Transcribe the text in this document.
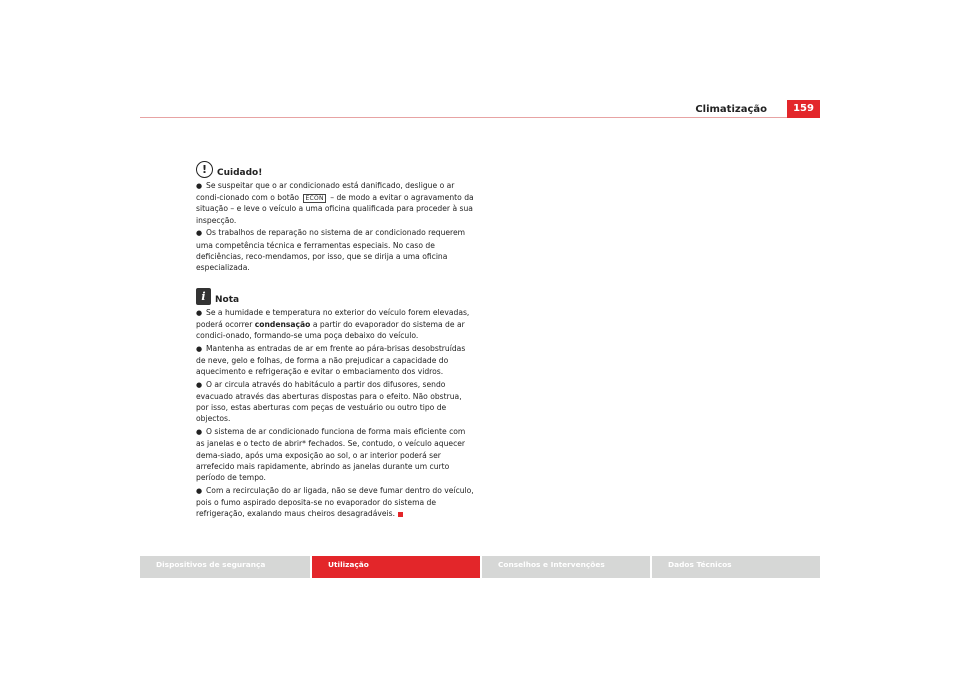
Climatização	159
!	Cuidado!

● Se suspeitar que o ar condicionado está danificado, desligue o ar condi-cionado com o botão ECON – de modo a evitar o agravamento da situação – e leve o veículo a uma oficina qualificada para proceder à sua inspecção.

● Os trabalhos de reparação no sistema de ar condicionado requerem uma competência técnica e ferramentas especiais. No caso de deficiências, reco-mendamos, por isso, que se dirija a uma oficina especializada.

i	Nota

● Se a humidade e temperatura no exterior do veículo forem elevadas, poderá ocorrer condensação a partir do evaporador do sistema de ar condici-onado, formando-se uma poça debaixo do veículo.

● Mantenha as entradas de ar em frente ao pára-brisas desobstruídas de neve, gelo e folhas, de forma a não prejudicar a capacidade do aquecimento e refrigeração e evitar o embaciamento dos vidros.

● O ar circula através do habitáculo a partir dos difusores, sendo evacuado através das aberturas dispostas para o efeito. Não obstrua, por isso, estas aberturas com peças de vestuário ou outro tipo de objectos.

● O sistema de ar condicionado funciona de forma mais eficiente com as janelas e o tecto de abrir* fechados. Se, contudo, o veículo aquecer dema-siado, após uma exposição ao sol, o ar interior poderá ser arrefecido mais rapidamente, abrindo as janelas durante um curto período de tempo.

● Com a recirculação do ar ligada, não se deve fumar dentro do veículo, pois o fumo aspirado deposita-se no evaporador do sistema de refrigeração, exalando maus cheiros desagradáveis.

Dispositivos de segurança	Utilização	Conselhos e Intervenções	Dados Técnicos
